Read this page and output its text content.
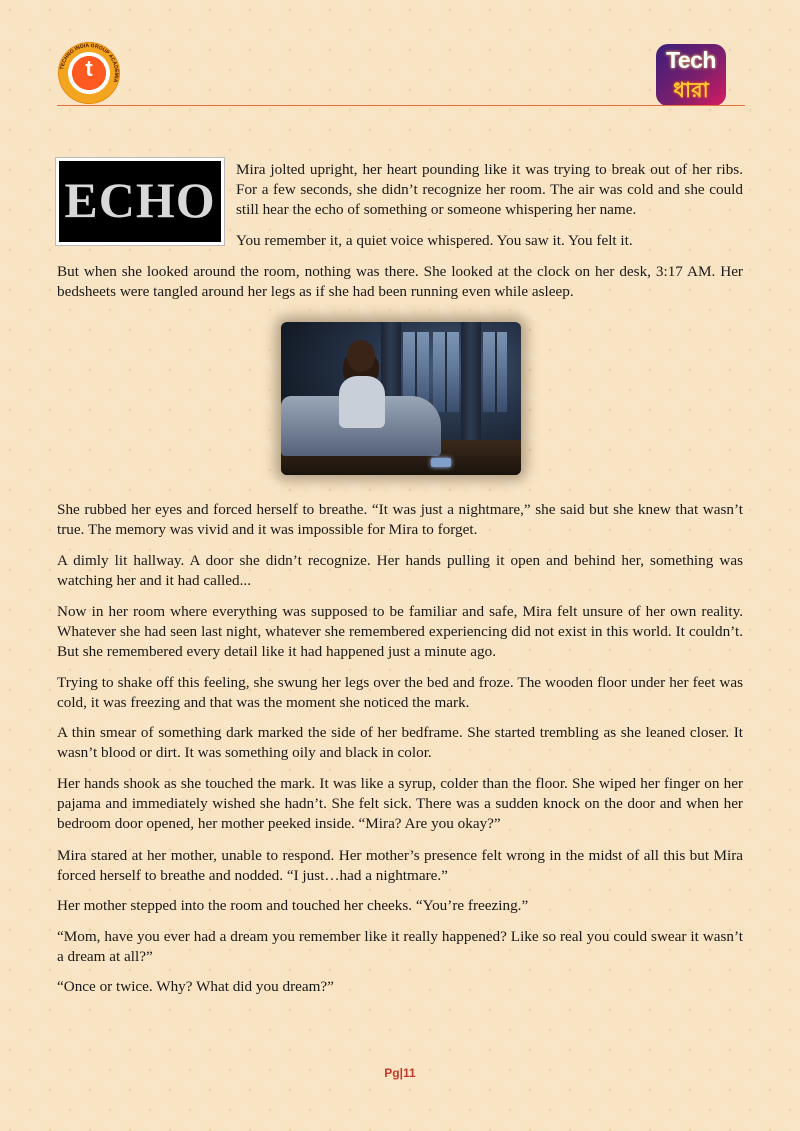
TECHNO INDIA GROUP ACADEMIA
t	Tech
ধারা
ECHO

Mira jolted upright, her heart pounding like it was trying to break out of her ribs. For a few seconds, she didn’t recognize her room. The air was cold and she could still hear the echo of something or someone whispering her name.

You remember it, a quiet voice whispered. You saw it. You felt it.

But when she looked around the room, nothing was there. She looked at the clock on her desk, 3:17 AM. Her bedsheets were tangled around her legs as if she had been running even while asleep.

She rubbed her eyes and forced herself to breathe. “It was just a nightmare,” she said but she knew that wasn’t true. The memory was vivid and it was impossible for Mira to forget.

A dimly lit hallway. A door she didn’t recognize. Her hands pulling it open and behind her, something was watching her and it had called...

Now in her room where everything was supposed to be familiar and safe, Mira felt unsure of her own reality. Whatever she had seen last night, whatever she remembered experiencing did not exist in this world. It couldn’t. But she remembered every detail like it had happened just a minute ago.

Trying to shake off this feeling, she swung her legs over the bed and froze. The wooden floor under her feet was cold, it was freezing and that was the moment she noticed the mark.

A thin smear of something dark marked the side of her bedframe. She started trembling as she leaned closer. It wasn’t blood or dirt. It was something oily and black in color.

Her hands shook as she touched the mark. It was like a syrup, colder than the floor. She wiped her finger on her pajama and immediately wished she hadn’t. She felt sick. There was a sudden knock on the door and when her bedroom door opened, her mother peeked inside. “Mira? Are you okay?”

Mira stared at her mother, unable to respond. Her mother’s presence felt wrong in the midst of all this but Mira forced herself to breathe and nodded. “I just…had a nightmare.”

Her mother stepped into the room and touched her cheeks. “You’re freezing.”

“Mom, have you ever had a dream you remember like it really happened? Like so real you could swear it wasn’t a dream at all?”

“Once or twice. Why? What did you dream?”

Pg|11
